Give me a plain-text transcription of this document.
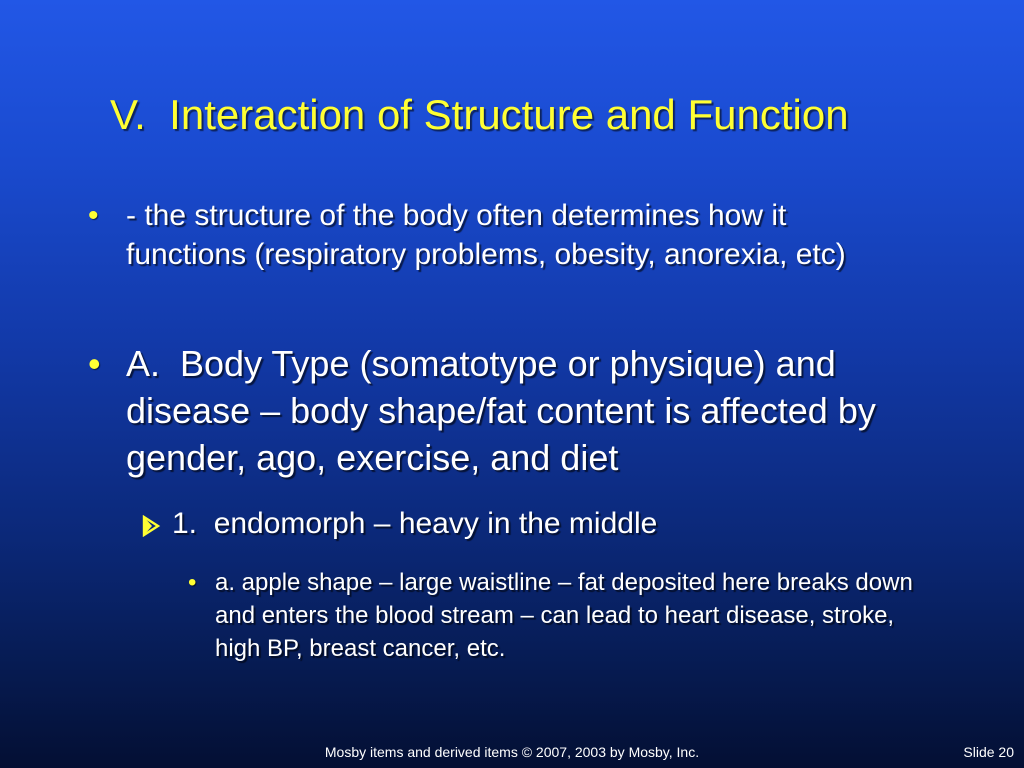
V.  Interaction of Structure and Function
• - the structure of the body often determines how it functions (respiratory problems, obesity, anorexia, etc)
• A.  Body Type (somatotype or physique) and disease – body shape/fat content is affected by gender, ago, exercise, and diet
1.  endomorph – heavy in the middle
• a. apple shape – large waistline – fat deposited here breaks down and enters the blood stream – can lead to heart disease, stroke, high BP, breast cancer, etc.
Mosby items and derived items © 2007, 2003 by Mosby, Inc.	Slide 20
